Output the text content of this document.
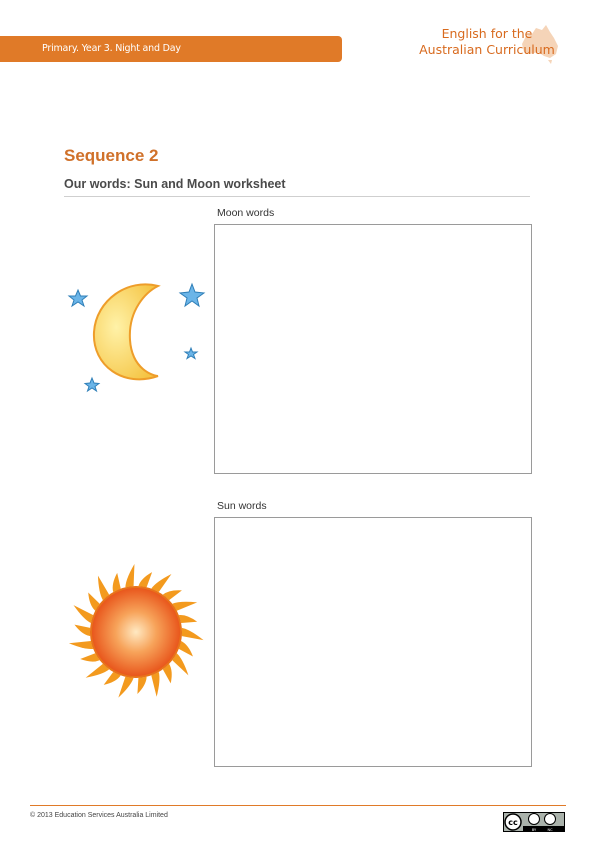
Primary. Year 3. Night and Day
English for the
Australian Curriculum
Sequence 2
Our words: Sun and Moon worksheet
Moon words
Sun words
© 2013 Education Services Australia Limited
cc
BY	NC
